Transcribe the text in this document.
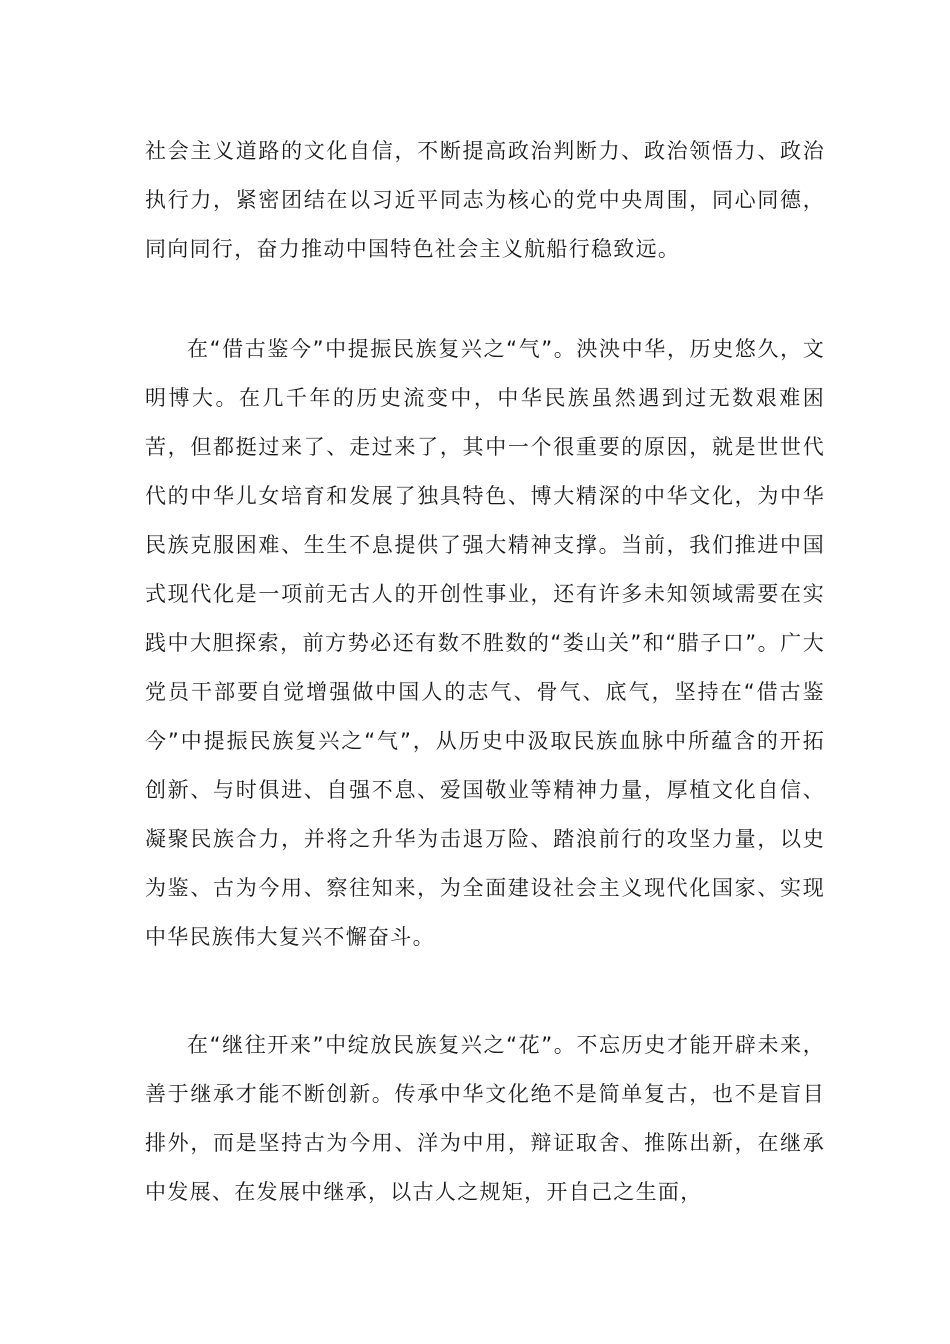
社会主义道路的文化自信，不断提高政治判断力、政治领悟力、政治执行力，紧密团结在以习近平同志为核心的党中央周围，同心同德，同向同行，奋力推动中国特色社会主义航船行稳致远。

在“借古鉴今”中提振民族复兴之“气”。泱泱中华，历史悠久，文明博大。在几千年的历史流变中，中华民族虽然遇到过无数艰难困苦，但都挺过来了、走过来了，其中一个很重要的原因，就是世世代代的中华儿女培育和发展了独具特色、博大精深的中华文化，为中华民族克服困难、生生不息提供了强大精神支撑。当前，我们推进中国式现代化是一项前无古人的开创性事业，还有许多未知领域需要在实践中大胆探索，前方势必还有数不胜数的“娄山关”和“腊子口”。广大党员干部要自觉增强做中国人的志气、骨气、底气，坚持在“借古鉴今”中提振民族复兴之“气”，从历史中汲取民族血脉中所蕴含的开拓创新、与时俱进、自强不息、爱国敬业等精神力量，厚植文化自信、凝聚民族合力，并将之升华为击退万险、踏浪前行的攻坚力量，以史为鉴、古为今用、察往知来，为全面建设社会主义现代化国家、实现中华民族伟大复兴不懈奋斗。

在“继往开来”中绽放民族复兴之“花”。不忘历史才能开辟未来，善于继承才能不断创新。传承中华文化绝不是简单复古，也不是盲目排外，而是坚持古为今用、洋为中用，辩证取舍、推陈出新，在继承中发展、在发展中继承，以古人之规矩，开自己之生面，
